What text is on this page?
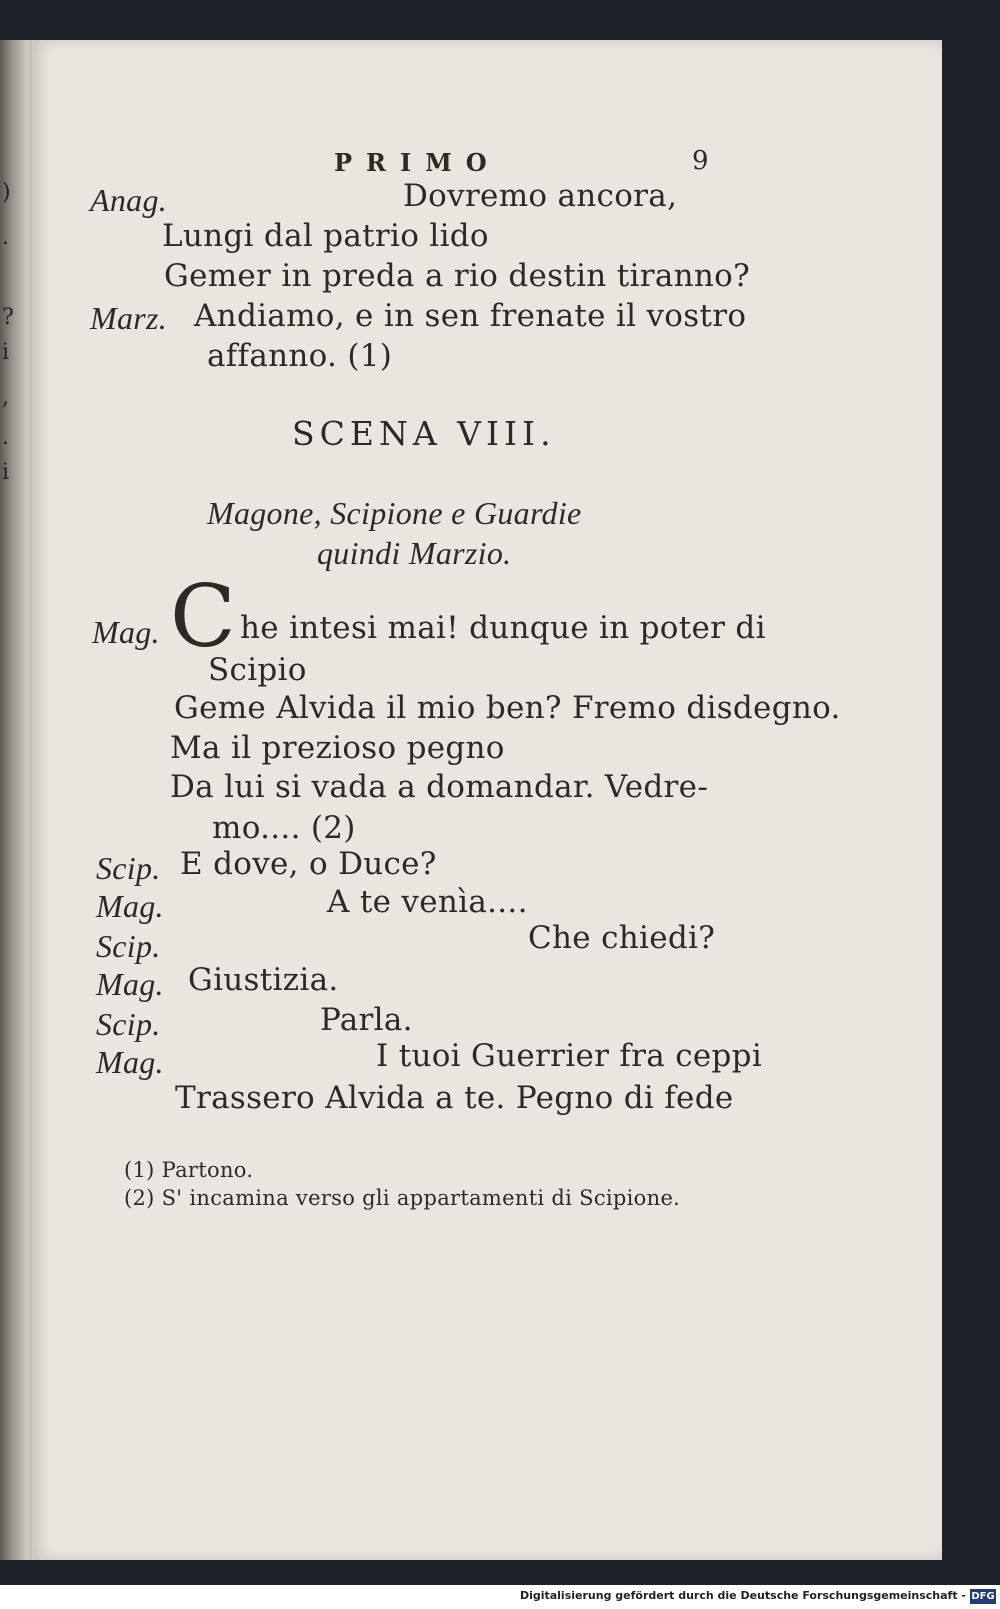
)
.
?
i
,
.
i
PRIMO	9
Anag.	Dovremo ancora,
Lungi dal patrio lido
Gemer in preda a rio destin tiranno?
Marz. Andiamo, e in sen frenate il vostro
affanno. (1)
SCENA VIII.
Magone, Scipione e Guardie
quindi Marzio.
Mag. C he intesi mai! dunque in poter di
Scipio
Geme Alvida il mio ben? Fremo disdegno.
Ma il prezioso pegno
Da lui si vada a domandar. Vedre-
mo.... (2)
Scip. E dove, o Duce?
Mag.	A te venìa....
Scip.	Che chiedi?
Mag. Giustizia.
Scip.	Parla.
Mag.	I tuoi Guerrier fra ceppi
Trassero Alvida a te. Pegno di fede
(1) Partono.
(2) S' incamina verso gli appartamenti di Scipione.
Digitalisierung gefördert durch die Deutsche Forschungsgemeinschaft - DFG
